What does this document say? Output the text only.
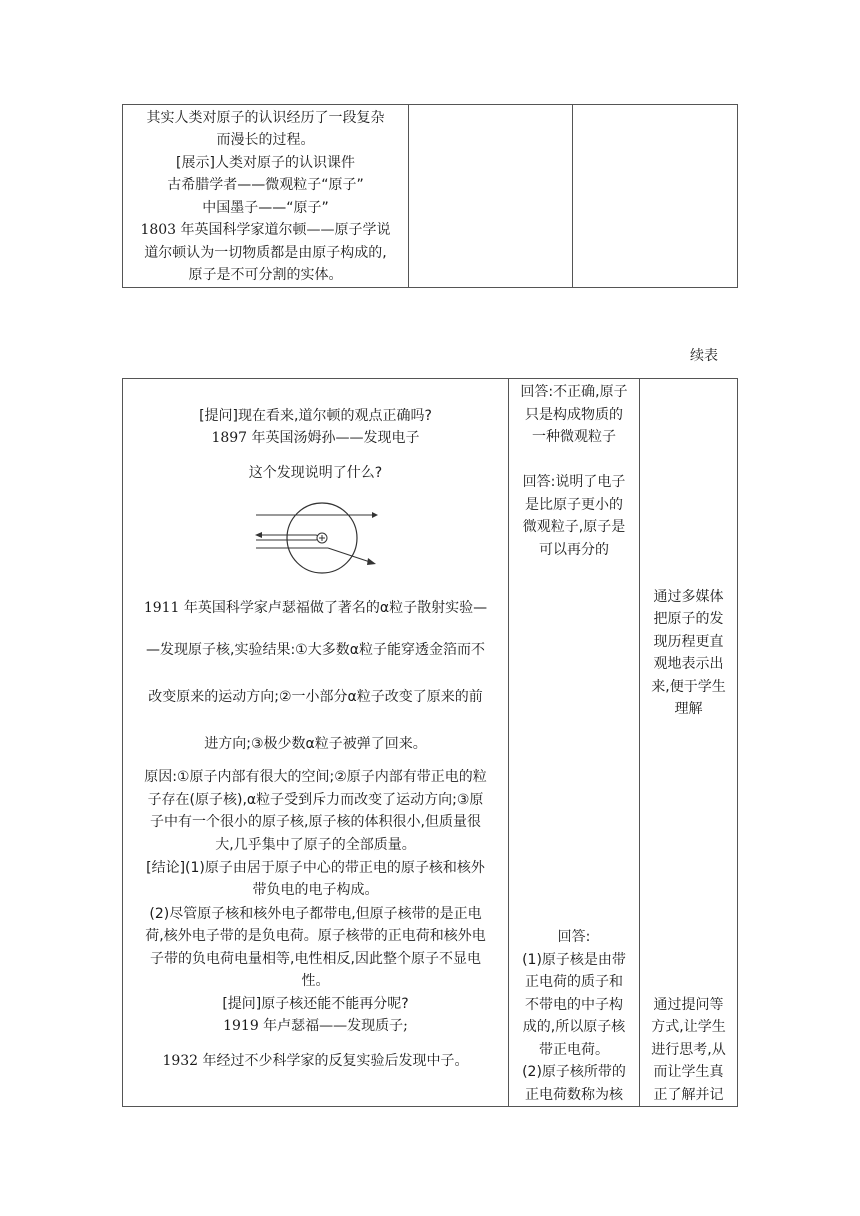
其实人类对原子的认识经历了一段复杂
而漫长的过程。
[展示]人类对原子的认识课件
古希腊学者——微观粒子“原子”
中国墨子——“原子”
1803 年英国科学家道尔顿——原子学说
道尔顿认为一切物质都是由原子构成的,
原子是不可分割的实体。
续表
[提问]现在看来,道尔顿的观点正确吗?
1897 年英国汤姆孙——发现电子
这个发现说明了什么?
1911 年英国科学家卢瑟福做了著名的α粒子散射实验—
—发现原子核,实验结果:①大多数α粒子能穿透金箔而不
改变原来的运动方向;②一小部分α粒子改变了原来的前
进方向;③极少数α粒子被弹了回来。
原因:①原子内部有很大的空间;②原子内部有带正电的粒
子存在(原子核),α粒子受到斥力而改变了运动方向;③原
子中有一个很小的原子核,原子核的体积很小,但质量很
大,几乎集中了原子的全部质量。
[结论](1)原子由居于原子中心的带正电的原子核和核外
带负电的电子构成。
(2)尽管原子核和核外电子都带电,但原子核带的是正电
荷,核外电子带的是负电荷。原子核带的正电荷和核外电
子带的负电荷电量相等,电性相反,因此整个原子不显电
性。
[提问]原子核还能不能再分呢?
1919 年卢瑟福——发现质子;
1932 年经过不少科学家的反复实验后发现中子。
回答:不正确,原子
只是构成物质的
一种微观粒子
回答:说明了电子
是比原子更小的
微观粒子,原子是
可以再分的
回答:
(1)原子核是由带
正电荷的质子和
不带电的中子构
成的,所以原子核
带正电荷。
(2)原子核所带的
正电荷数称为核
通过多媒体
把原子的发
现历程更直
观地表示出
来,便于学生
理解
通过提问等
方式,让学生
进行思考,从
而让学生真
正了解并记
